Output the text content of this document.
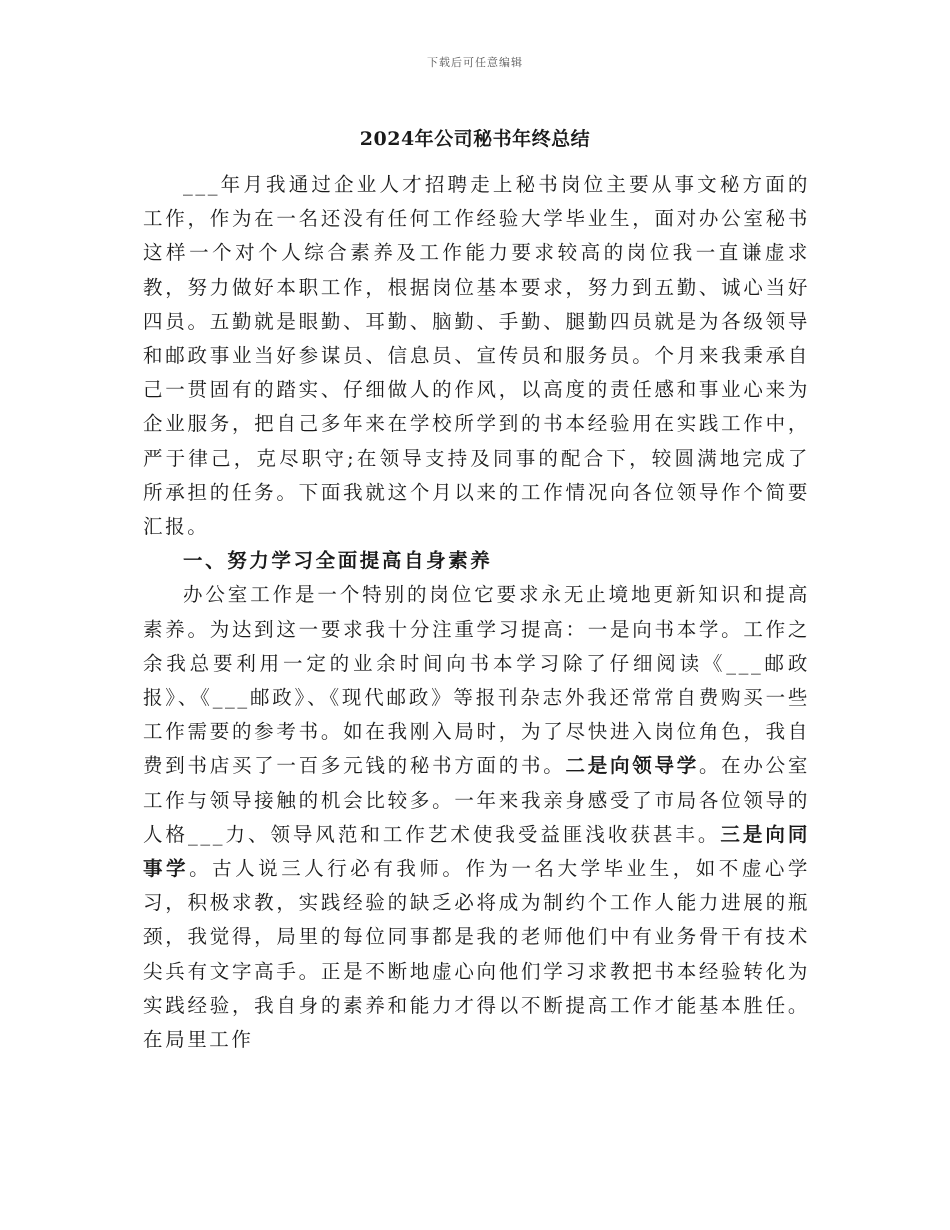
下载后可任意编辑
2024年公司秘书年终总结

___年月我通过企业人才招聘走上秘书岗位主要从事文秘方面的工作，作为在一名还没有任何工作经验大学毕业生，面对办公室秘书这样一个对个人综合素养及工作能力要求较高的岗位我一直谦虚求教，努力做好本职工作，根据岗位基本要求，努力到五勤、诚心当好四员。五勤就是眼勤、耳勤、脑勤、手勤、腿勤四员就是为各级领导和邮政事业当好参谋员、信息员、宣传员和服务员。个月来我秉承自己一贯固有的踏实、仔细做人的作风，以高度的责任感和事业心来为企业服务，把自己多年来在学校所学到的书本经验用在实践工作中，严于律己，克尽职守;在领导支持及同事的配合下，较圆满地完成了所承担的任务。下面我就这个月以来的工作情况向各位领导作个简要汇报。

一、努力学习全面提高自身素养

办公室工作是一个特别的岗位它要求永无止境地更新知识和提高素养。为达到这一要求我十分注重学习提高：一是向书本学。工作之余我总要利用一定的业余时间向书本学习除了仔细阅读《___邮政报》、《___邮政》、《现代邮政》等报刊杂志外我还常常自费购买一些工作需要的参考书。如在我刚入局时，为了尽快进入岗位角色，我自费到书店买了一百多元钱的秘书方面的书。二是向领导学。在办公室工作与领导接触的机会比较多。一年来我亲身感受了市局各位领导的人格___力、领导风范和工作艺术使我受益匪浅收获甚丰。三是向同事学。古人说三人行必有我师。作为一名大学毕业生，如不虚心学习，积极求教，实践经验的缺乏必将成为制约个工作人能力进展的瓶颈，我觉得，局里的每位同事都是我的老师他们中有业务骨干有技术尖兵有文字高手。正是不断地虚心向他们学习求教把书本经验转化为实践经验，我自身的素养和能力才得以不断提高工作才能基本胜任。在局里工作
